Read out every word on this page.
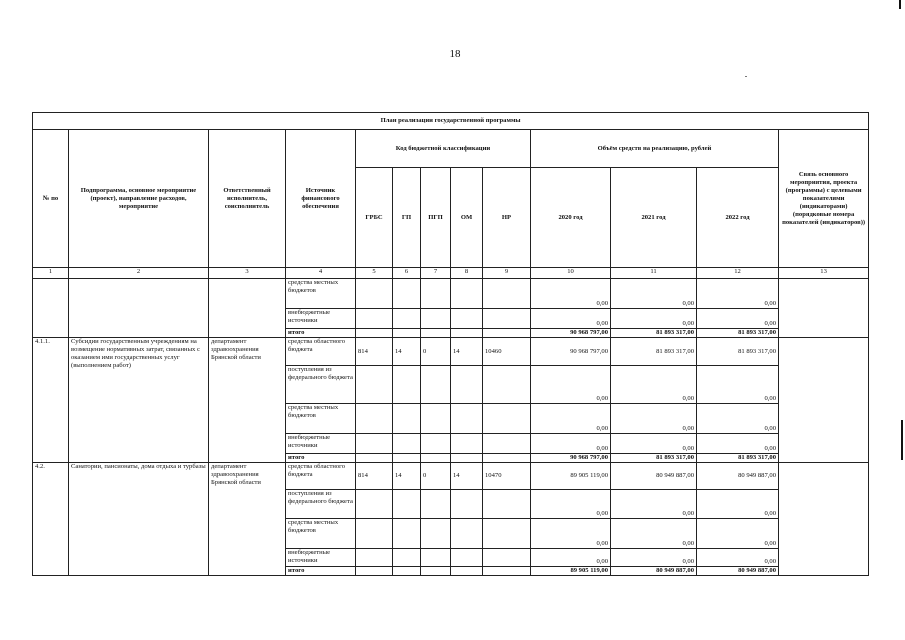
18
План реализации государственной программы												
№ по	Подпрограмма, основное мероприятие (проект), направление расходов, мероприятие	Ответственный исполнитель, соисполнитель	Источник финансового обеспечения	Код бюджетной классификации					Объём средств на реализацию, рублей			Связь основного мероприятия, проекта (программы) с целевыми показателями (индикаторами) (порядковые номера показателей (индикаторов))
				ГРБС	ГП	ПГП	ОМ	НР	2020 год	2021 год	2022 год	
1	2	3	4	5	6	7	8	9	10	11	12	13
			средства местных бюджетов						0,00	0,00	0,00	
			внебюджетные источники						0,00	0,00	0,00	
			итого						90 968 797,00	81 893 317,00	81 893 317,00	
4.1.1.	Субсидии государственным учреждениям на возмещение нормативных затрат, связанных с оказанием ими государственных услуг (выполнением работ)	департамент здравоохранения Брянской области	средства областного бюджета	814	14	0	14	10460	90 968 797,00	81 893 317,00	81 893 317,00	
			поступления из федерального бюджета						0,00	0,00	0,00	
			средства местных бюджетов						0,00	0,00	0,00	
			внебюджетные источники						0,00	0,00	0,00	
			итого						90 968 797,00	81 893 317,00	81 893 317,00	
4.2.	Санатории, пансионаты, дома отдыха и турбазы	департамент здравоохранения Брянской области	средства областного бюджета	814	14	0	14	10470	89 905 119,00	80 949 887,00	80 949 887,00	
			поступления из федерального бюджета						0,00	0,00	0,00	
			средства местных бюджетов						0,00	0,00	0,00	
			внебюджетные источники						0,00	0,00	0,00	
			итого						89 905 119,00	80 949 887,00	80 949 887,00	
